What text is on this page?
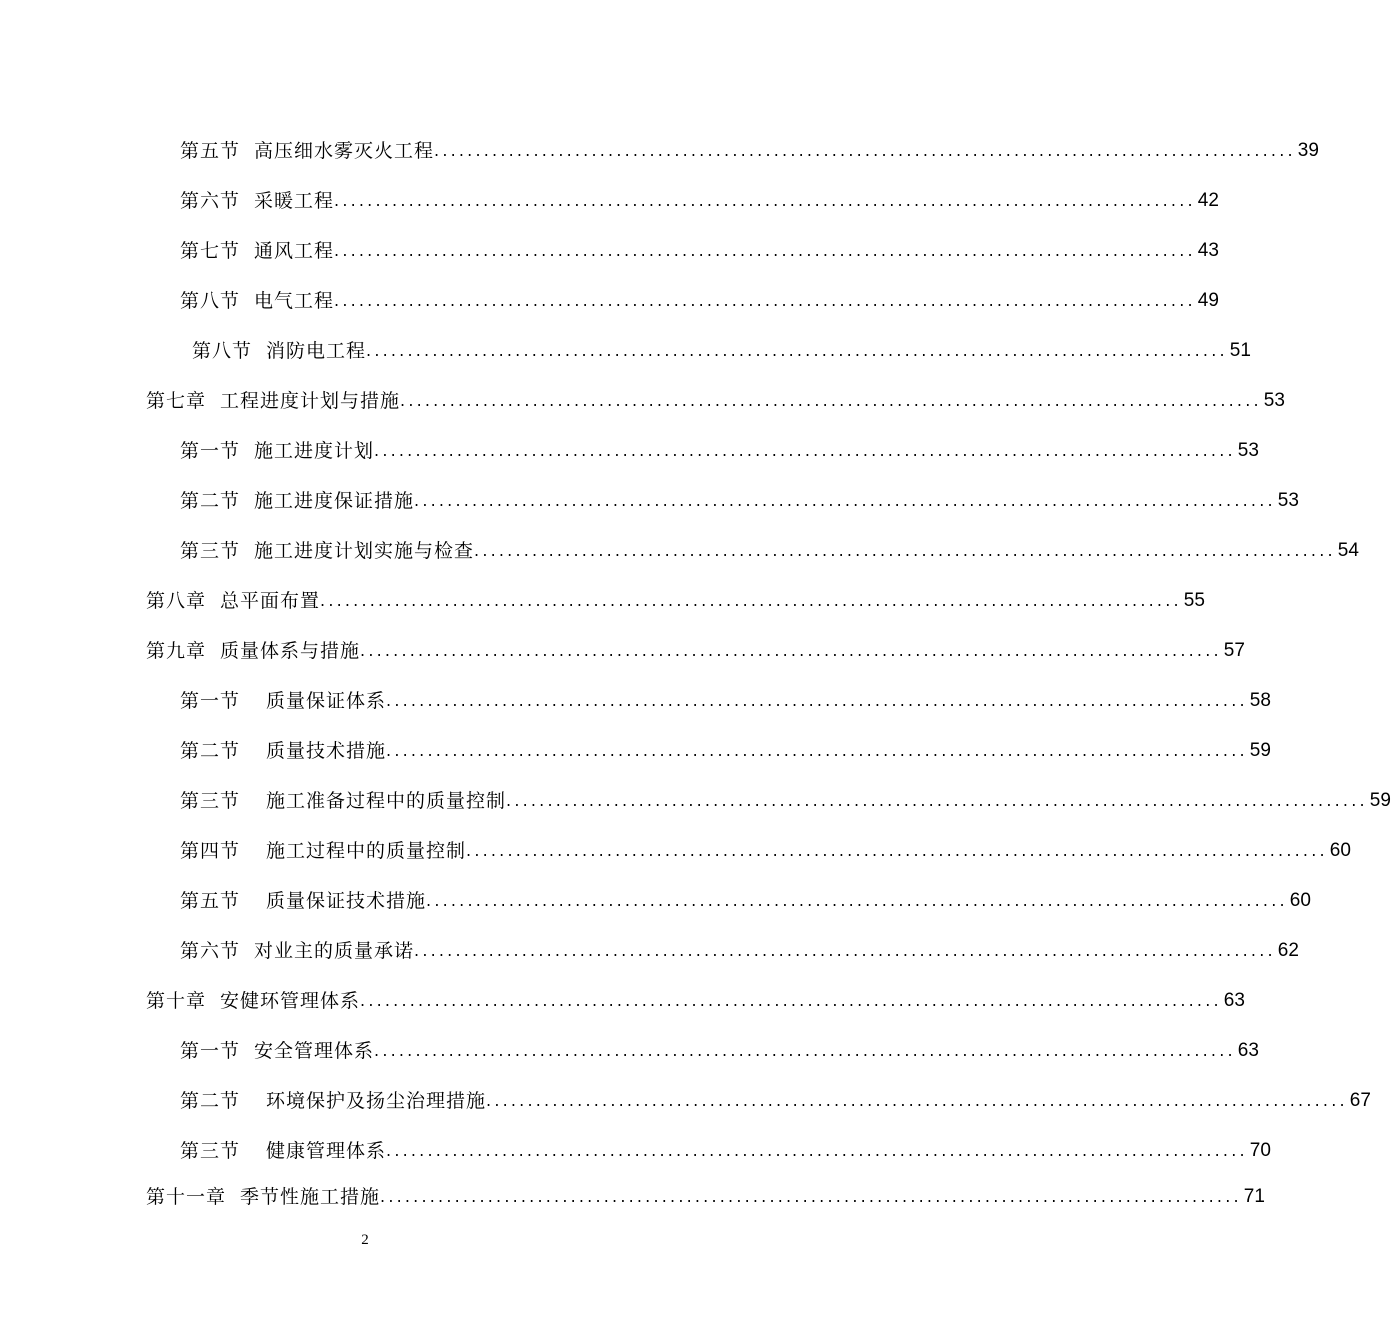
第五节 高压细水雾灭火工程 ........................................................................................................ 39
第六节 采暖工程 ........................................................................................................ 42
第七节 通风工程 ........................................................................................................ 43
第八节 电气工程 ........................................................................................................ 49
第八节 消防电工程 ........................................................................................................ 51
第七章 工程进度计划与措施 ........................................................................................................ 53
第一节 施工进度计划 ........................................................................................................ 53
第二节 施工进度保证措施 ........................................................................................................ 53
第三节 施工进度计划实施与检查 ........................................................................................................ 54
第八章 总平面布置 ........................................................................................................ 55
第九章 质量体系与措施 ........................................................................................................ 57
第一节 质量保证体系 ........................................................................................................ 58
第二节 质量技术措施 ........................................................................................................ 59
第三节 施工准备过程中的质量控制 ........................................................................................................ 59
第四节 施工过程中的质量控制 ........................................................................................................ 60
第五节 质量保证技术措施 ........................................................................................................ 60
第六节 对业主的质量承诺 ........................................................................................................ 62
第十章 安健环管理体系 ........................................................................................................ 63
第一节 安全管理体系 ........................................................................................................ 63
第二节 环境保护及扬尘治理措施 ........................................................................................................ 67
第三节 健康管理体系 ........................................................................................................ 70
第十一章 季节性施工措施 ........................................................................................................ 71
2
